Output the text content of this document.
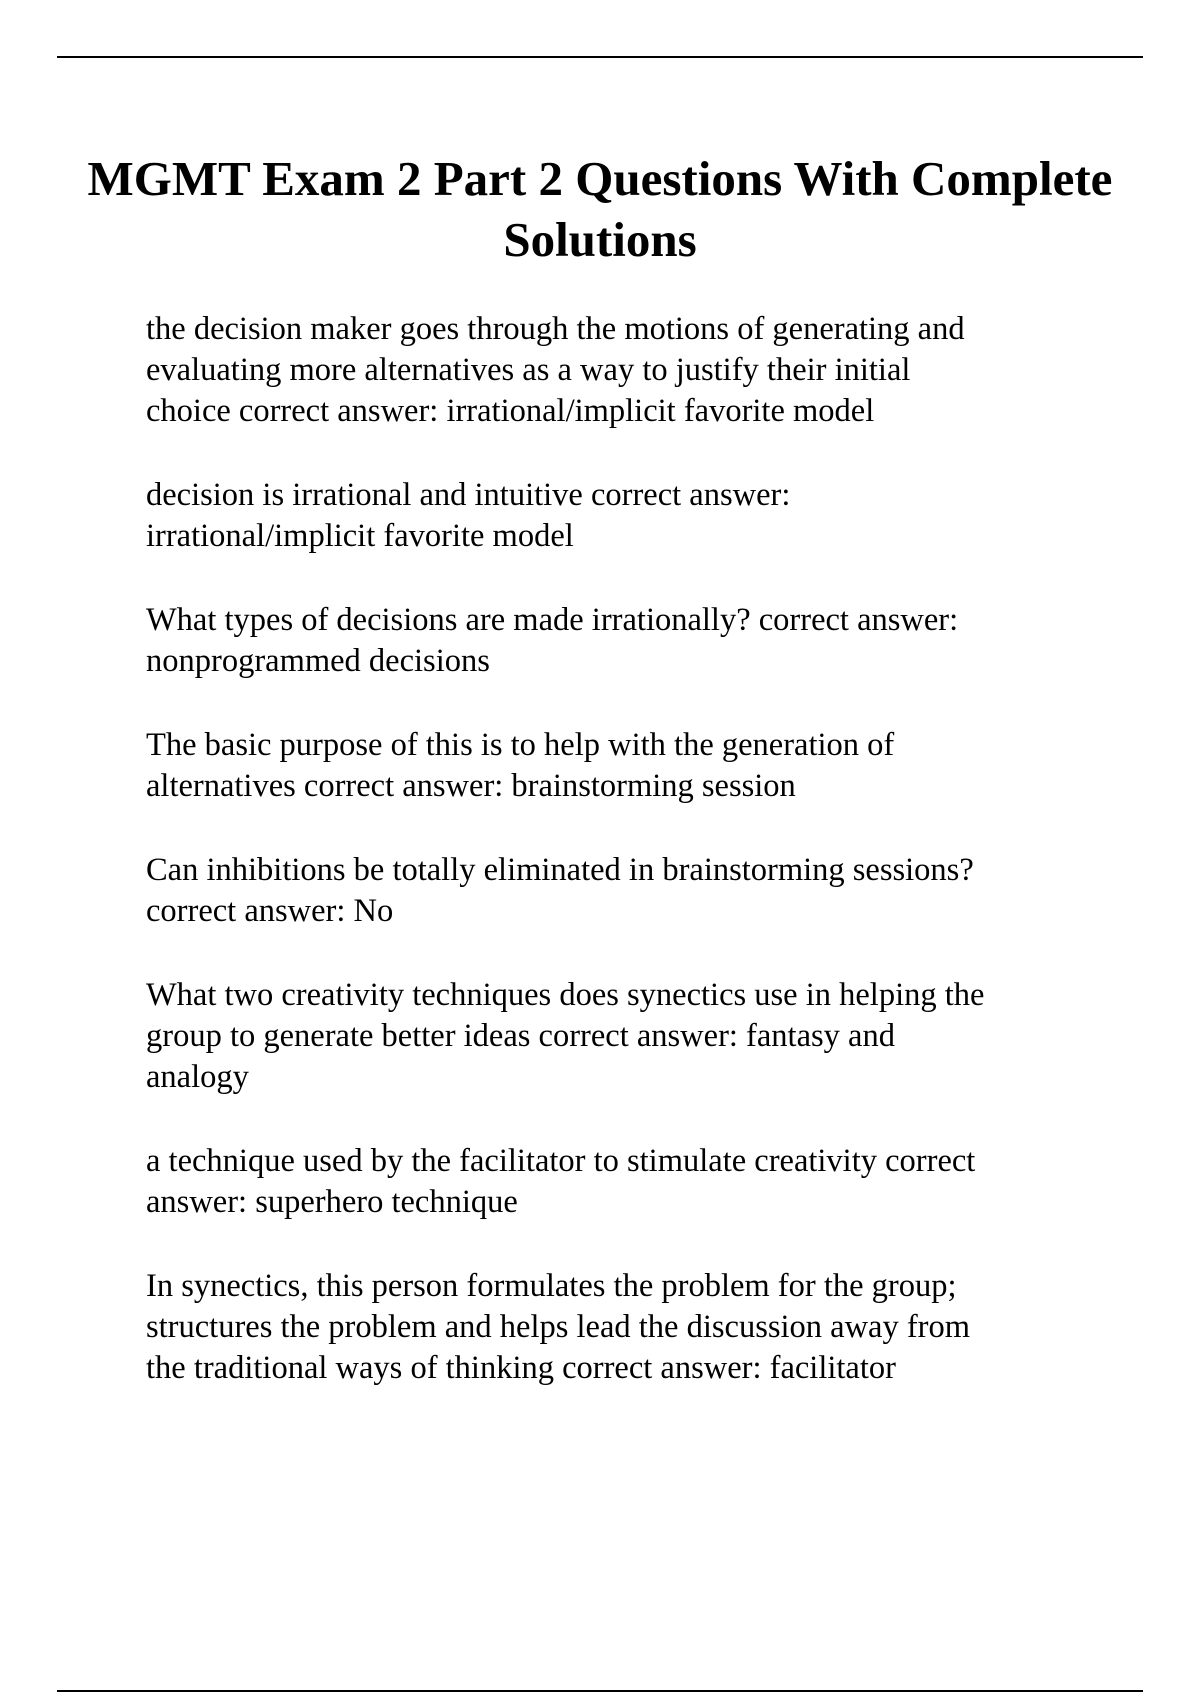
MGMT Exam 2 Part 2 Questions With Complete Solutions

the decision maker goes through the motions of generating and
evaluating more alternatives as a way to justify their initial
choice correct answer: irrational/implicit favorite model

decision is irrational and intuitive correct answer:
irrational/implicit favorite model

What types of decisions are made irrationally? correct answer:
nonprogrammed decisions

The basic purpose of this is to help with the generation of
alternatives correct answer: brainstorming session

Can inhibitions be totally eliminated in brainstorming sessions?
correct answer: No

What two creativity techniques does synectics use in helping the
group to generate better ideas correct answer: fantasy and
analogy

a technique used by the facilitator to stimulate creativity correct
answer: superhero technique

In synectics, this person formulates the problem for the group;
structures the problem and helps lead the discussion away from
the traditional ways of thinking correct answer: facilitator
